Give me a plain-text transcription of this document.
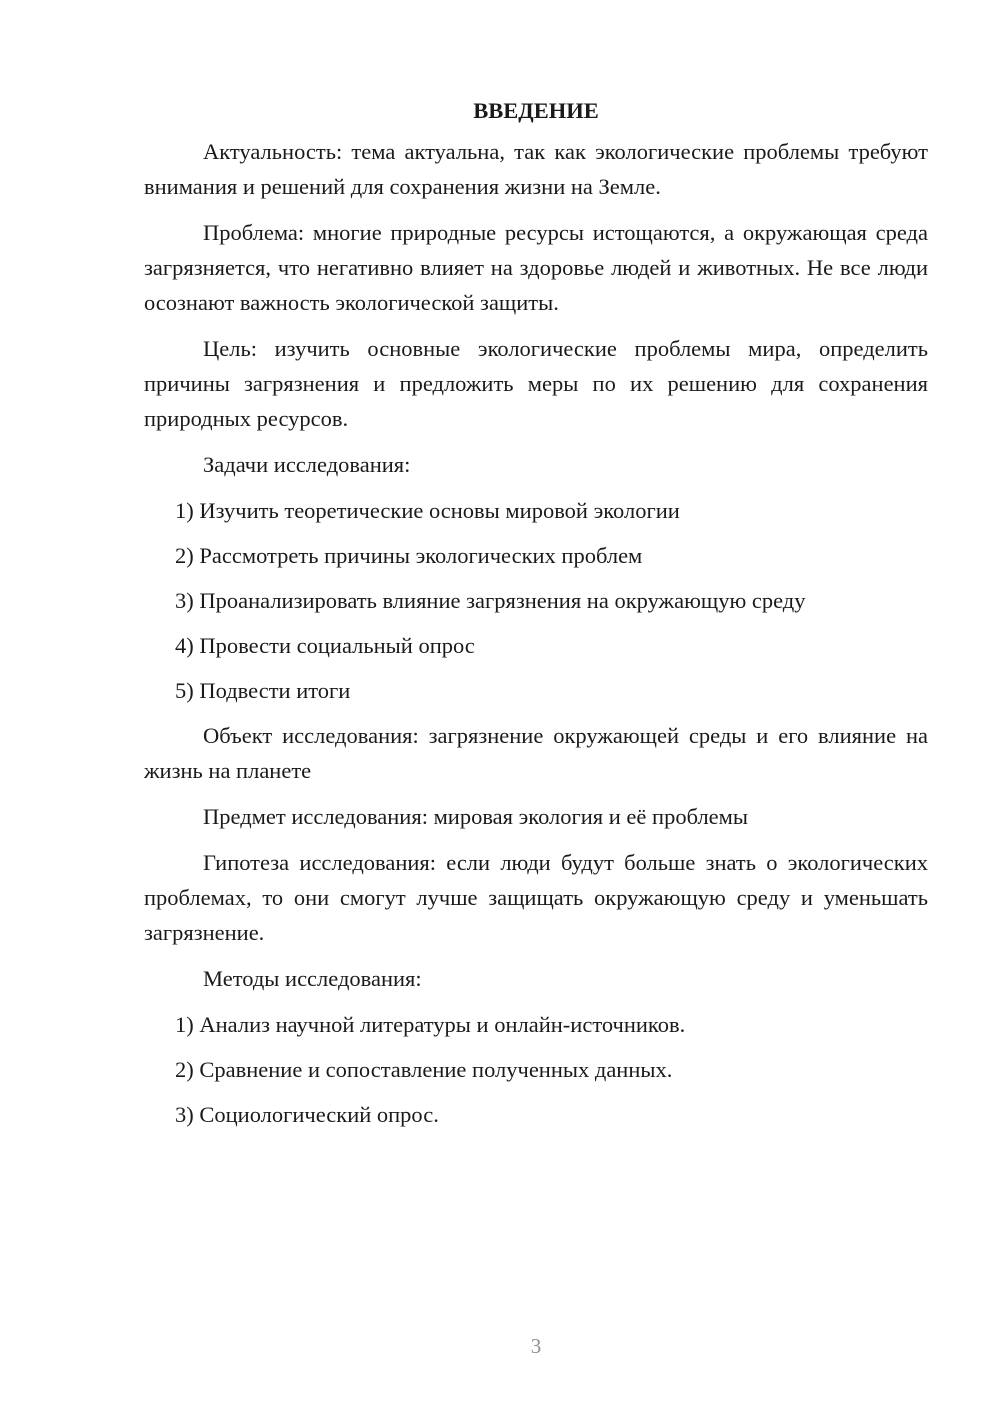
ВВЕДЕНИЕ

Актуальность: тема актуальна, так как экологические проблемы требуют внимания и решений для сохранения жизни на Земле.

Проблема: многие природные ресурсы истощаются, а окружающая среда загрязняется, что негативно влияет на здоровье людей и животных. Не все люди осознают важность экологической защиты.

Цель: изучить основные экологические проблемы мира, определить причины загрязнения и предложить меры по их решению для сохранения природных ресурсов.

Задачи исследования:

1) Изучить теоретические основы мировой экологии
2) Рассмотреть причины экологических проблем
3) Проанализировать влияние загрязнения на окружающую среду
4) Провести социальный опрос
5) Подвести итоги

Объект исследования: загрязнение окружающей среды и его влияние на жизнь на планете

Предмет исследования: мировая экология и её проблемы

Гипотеза исследования: если люди будут больше знать о экологических проблемах, то они смогут лучше защищать окружающую среду и уменьшать загрязнение.

Методы исследования:

1) Анализ научной литературы и онлайн-источников.
2) Сравнение и сопоставление полученных данных.
3) Социологический опрос.
3
